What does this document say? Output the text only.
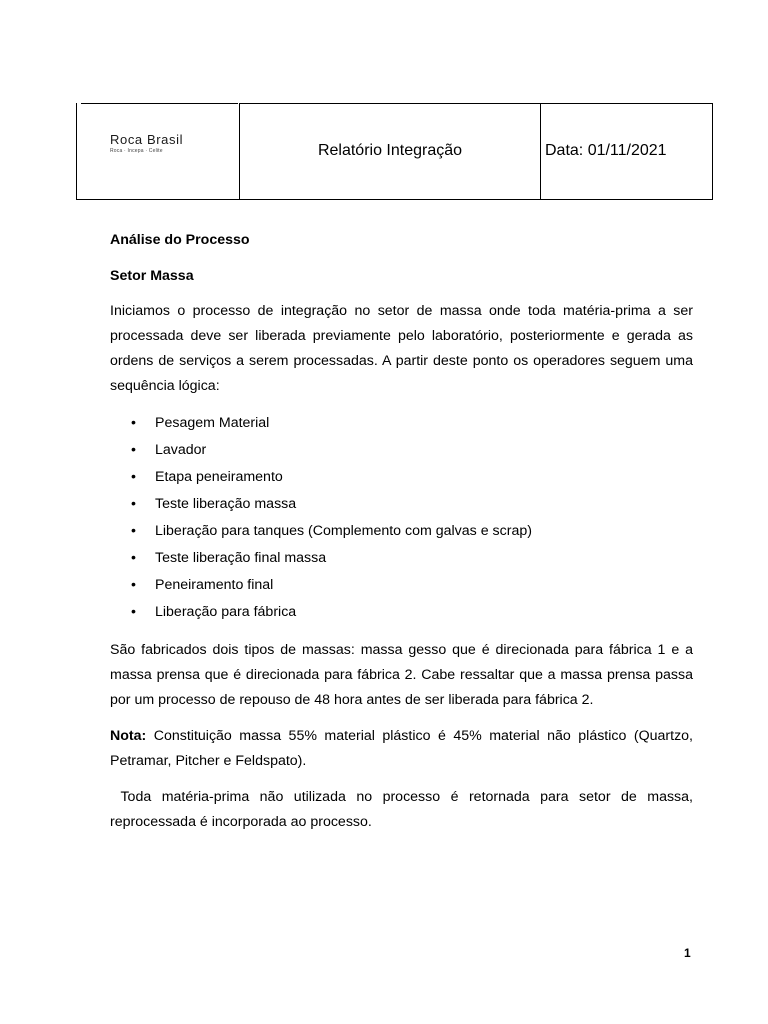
Roca Brasil
Roca · Incepa · Celite	Relatório Integração	Data: 01/11/2021
Análise do Processo
Setor Massa

Iniciamos o processo de integração no setor de massa onde toda matéria-prima a ser processada deve ser liberada previamente pelo laboratório, posteriormente e gerada as ordens de serviços a serem processadas. A partir deste ponto os operadores seguem uma sequência lógica:

• Pesagem Material
• Lavador
• Etapa peneiramento
• Teste liberação massa
• Liberação para tanques (Complemento com galvas e scrap)
• Teste liberação final massa
• Peneiramento final
• Liberação para fábrica

São fabricados dois tipos de massas: massa gesso que é direcionada para fábrica 1 e a massa prensa que é direcionada para fábrica 2. Cabe ressaltar que a massa prensa passa por um processo de repouso de 48 hora antes de ser liberada para fábrica 2.

Nota: Constituição massa 55% material plástico é 45% material não plástico (Quartzo, Petramar, Pitcher e Feldspato).

Toda matéria-prima não utilizada no processo é retornada para setor de massa, reprocessada é incorporada ao processo.

1
